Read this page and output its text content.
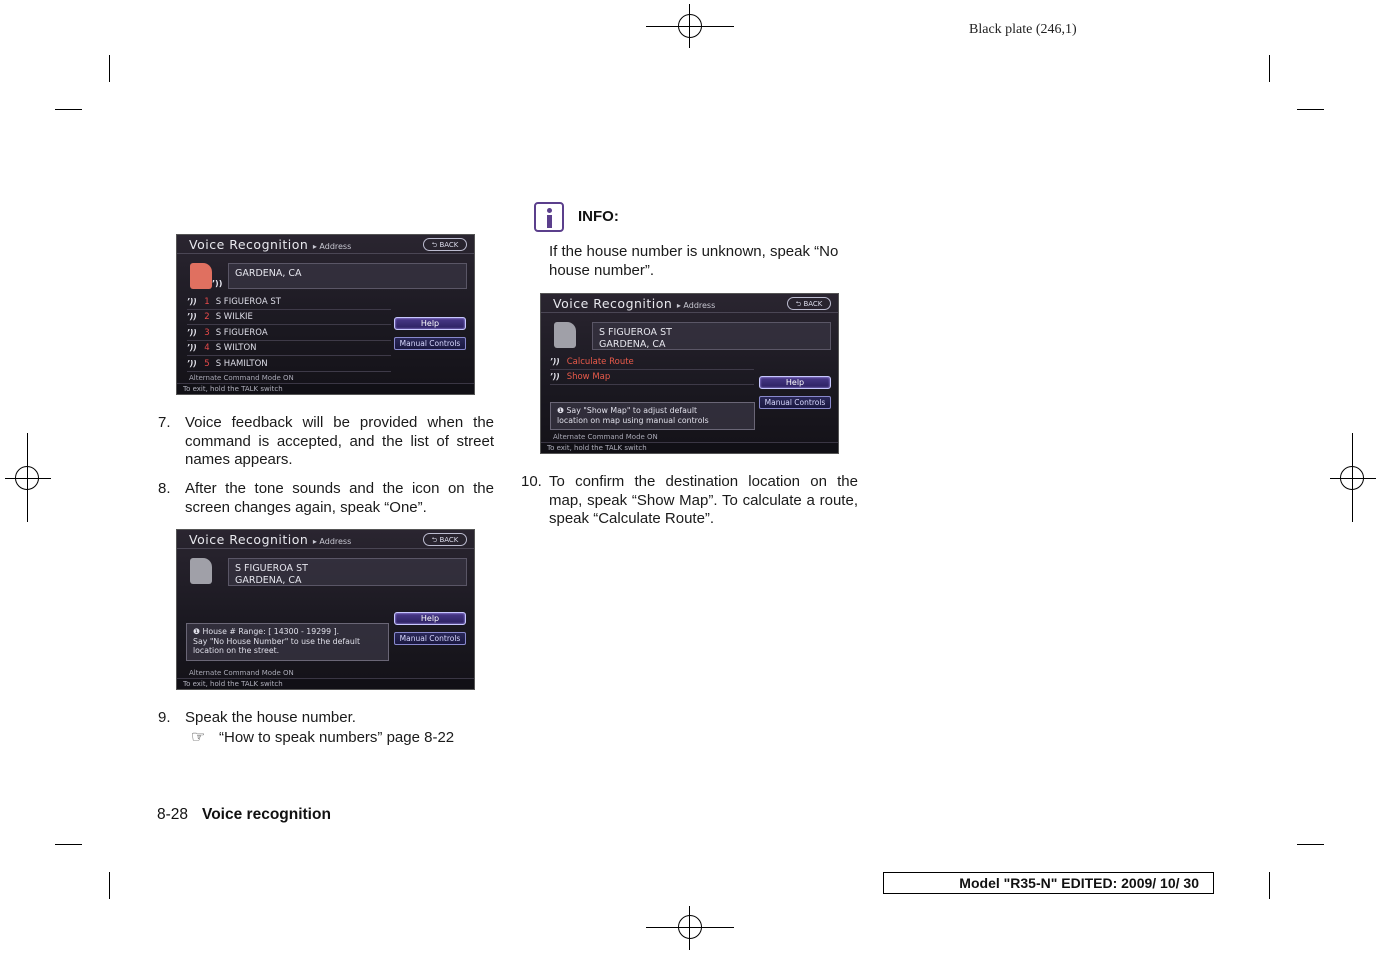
Black plate (246,1)
Voice Recognition ▸ Address	⮌ BACK
ʼ))
GARDENA, CA
ʼ)) 1 S FIGUEROA ST
ʼ)) 2 S WILKIE
ʼ)) 3 S FIGUEROA
ʼ)) 4 S WILTON
ʼ)) 5 S HAMILTON
Help
Manual Controls
Alternate Command Mode ON
To exit, hold the TALK switch
7. Voice feedback will be provided when the command is accepted, and the list of street names appears.
8. After the tone sounds and the icon on the screen changes again, speak “One”.
Voice Recognition ▸ Address	⮌ BACK
S FIGUEROA ST
GARDENA, CA
Help
Manual Controls
❶ House # Range: [ 14300 - 19299 ].
Say "No House Number" to use the default
location on the street.
Alternate Command Mode ON
To exit, hold the TALK switch
9. Speak the house number.
☞ “How to speak numbers” page 8-22
INFO:
If the house number is unknown, speak “No house number”.
Voice Recognition ▸ Address	⮌ BACK
S FIGUEROA ST
GARDENA, CA
ʼ)) Calculate Route
ʼ)) Show Map
Help
Manual Controls
❶ Say "Show Map" to adjust default
location on map using manual controls
Alternate Command Mode ON
To exit, hold the TALK switch
10. To confirm the destination location on the map, speak “Show Map”. To calculate a route, speak “Calculate Route”.
8-28 Voice recognition
Model "R35-N" EDITED: 2009/ 10/ 30
